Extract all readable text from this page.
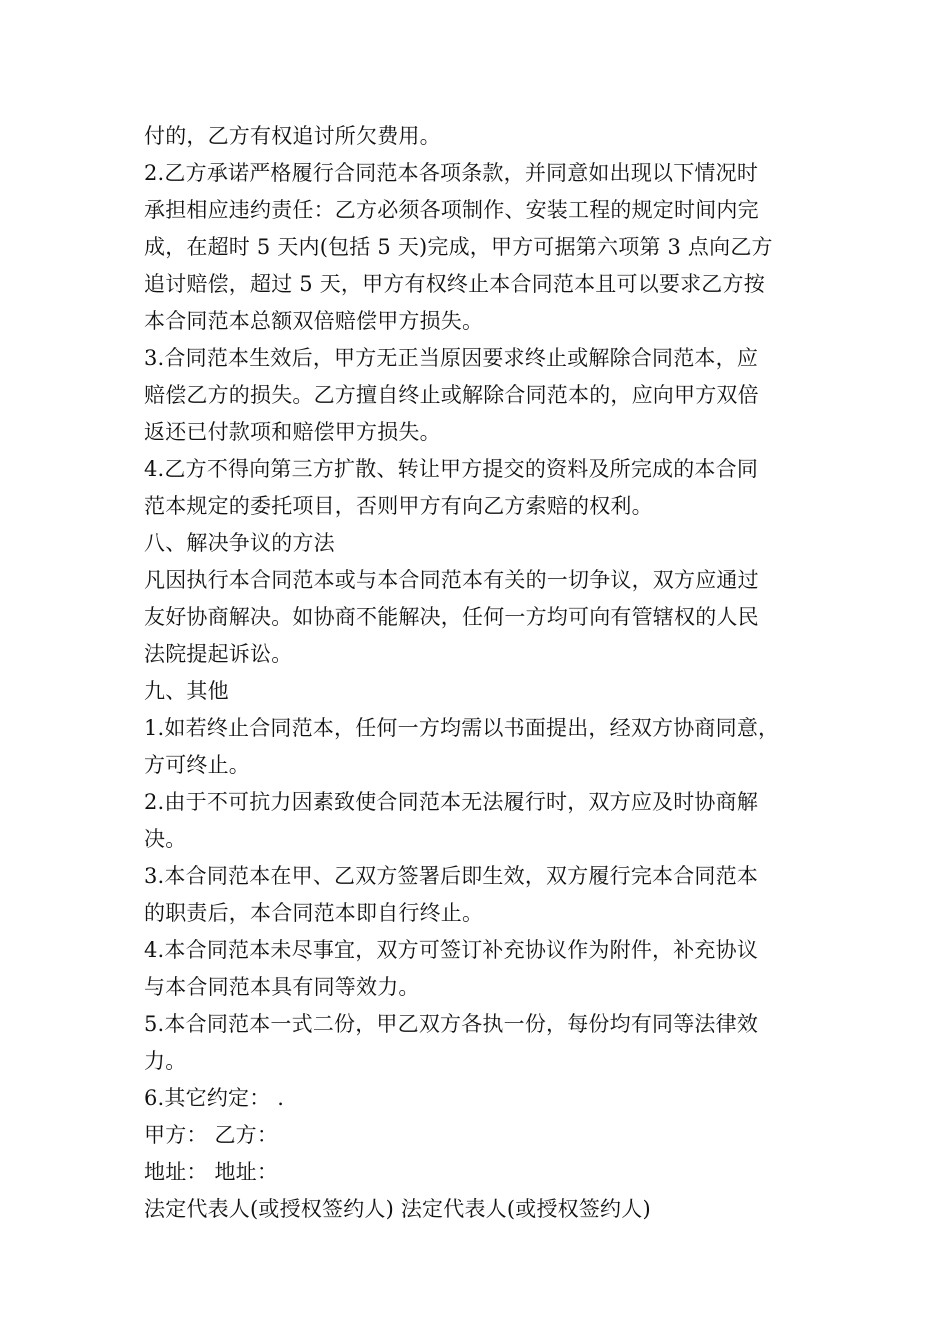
付的，乙方有权追讨所欠费用。
2.乙方承诺严格履行合同范本各项条款，并同意如出现以下情况时
承担相应违约责任：乙方必须各项制作、安装工程的规定时间内完
成，在超时 5 天内(包括 5 天)完成，甲方可据第六项第 3 点向乙方
追讨赔偿，超过 5 天，甲方有权终止本合同范本且可以要求乙方按
本合同范本总额双倍赔偿甲方损失。
3.合同范本生效后，甲方无正当原因要求终止或解除合同范本，应
赔偿乙方的损失。乙方擅自终止或解除合同范本的，应向甲方双倍
返还已付款项和赔偿甲方损失。
4.乙方不得向第三方扩散、转让甲方提交的资料及所完成的本合同
范本规定的委托项目，否则甲方有向乙方索赔的权利。
八、解决争议的方法
凡因执行本合同范本或与本合同范本有关的一切争议，双方应通过
友好协商解决。如协商不能解决，任何一方均可向有管辖权的人民
法院提起诉讼。
九、其他
1.如若终止合同范本，任何一方均需以书面提出，经双方协商同意，
方可终止。
2.由于不可抗力因素致使合同范本无法履行时，双方应及时协商解
决。
3.本合同范本在甲、乙双方签署后即生效，双方履行完本合同范本
的职责后，本合同范本即自行终止。
4.本合同范本未尽事宜，双方可签订补充协议作为附件，补充协议
与本合同范本具有同等效力。
5.本合同范本一式二份，甲乙双方各执一份，每份均有同等法律效
力。
6.其它约定： .
甲方： 乙方：
地址： 地址：
法定代表人(或授权签约人) 法定代表人(或授权签约人)
